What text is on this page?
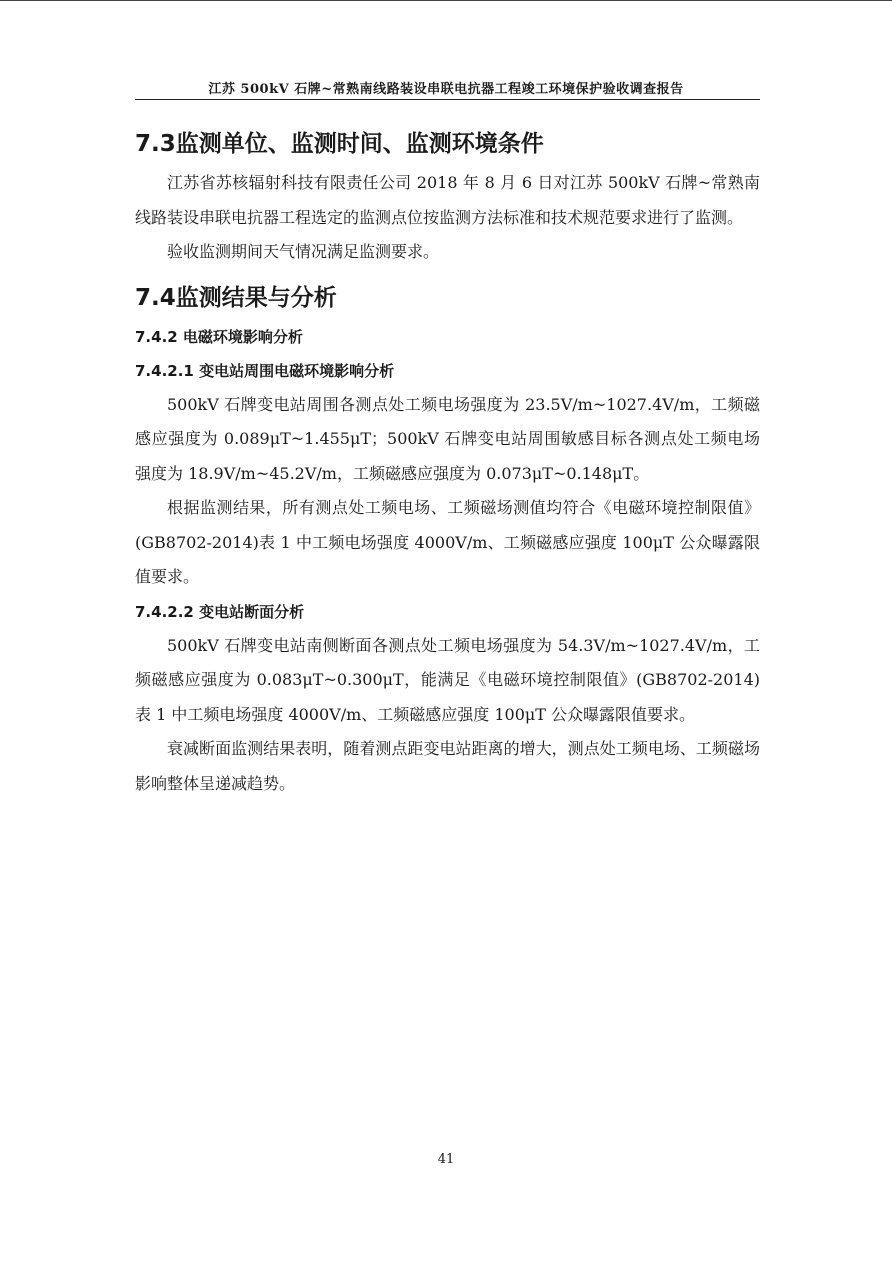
江苏 500kV 石牌~常熟南线路装设串联电抗器工程竣工环境保护验收调查报告
7.3监测单位、监测时间、监测环境条件

江苏省苏核辐射科技有限责任公司 2018 年 8 月 6 日对江苏 500kV 石牌~常熟南线路装设串联电抗器工程选定的监测点位按监测方法标准和技术规范要求进行了监测。

验收监测期间天气情况满足监测要求。

7.4监测结果与分析
7.4.2 电磁环境影响分析
7.4.2.1 变电站周围电磁环境影响分析

500kV 石牌变电站周围各测点处工频电场强度为 23.5V/m~1027.4V/m，工频磁感应强度为 0.089μT~1.455μT；500kV 石牌变电站周围敏感目标各测点处工频电场强度为 18.9V/m~45.2V/m，工频磁感应强度为 0.073μT~0.148μT。

根据监测结果，所有测点处工频电场、工频磁场测值均符合《电磁环境控制限值》(GB8702-2014)表 1 中工频电场强度 4000V/m、工频磁感应强度 100μT 公众曝露限值要求。

7.4.2.2 变电站断面分析

500kV 石牌变电站南侧断面各测点处工频电场强度为 54.3V/m~1027.4V/m，工频磁感应强度为 0.083μT~0.300μT，能满足《电磁环境控制限值》(GB8702-2014)表 1 中工频电场强度 4000V/m、工频磁感应强度 100μT 公众曝露限值要求。

衰减断面监测结果表明，随着测点距变电站距离的增大，测点处工频电场、工频磁场影响整体呈递减趋势。

41
